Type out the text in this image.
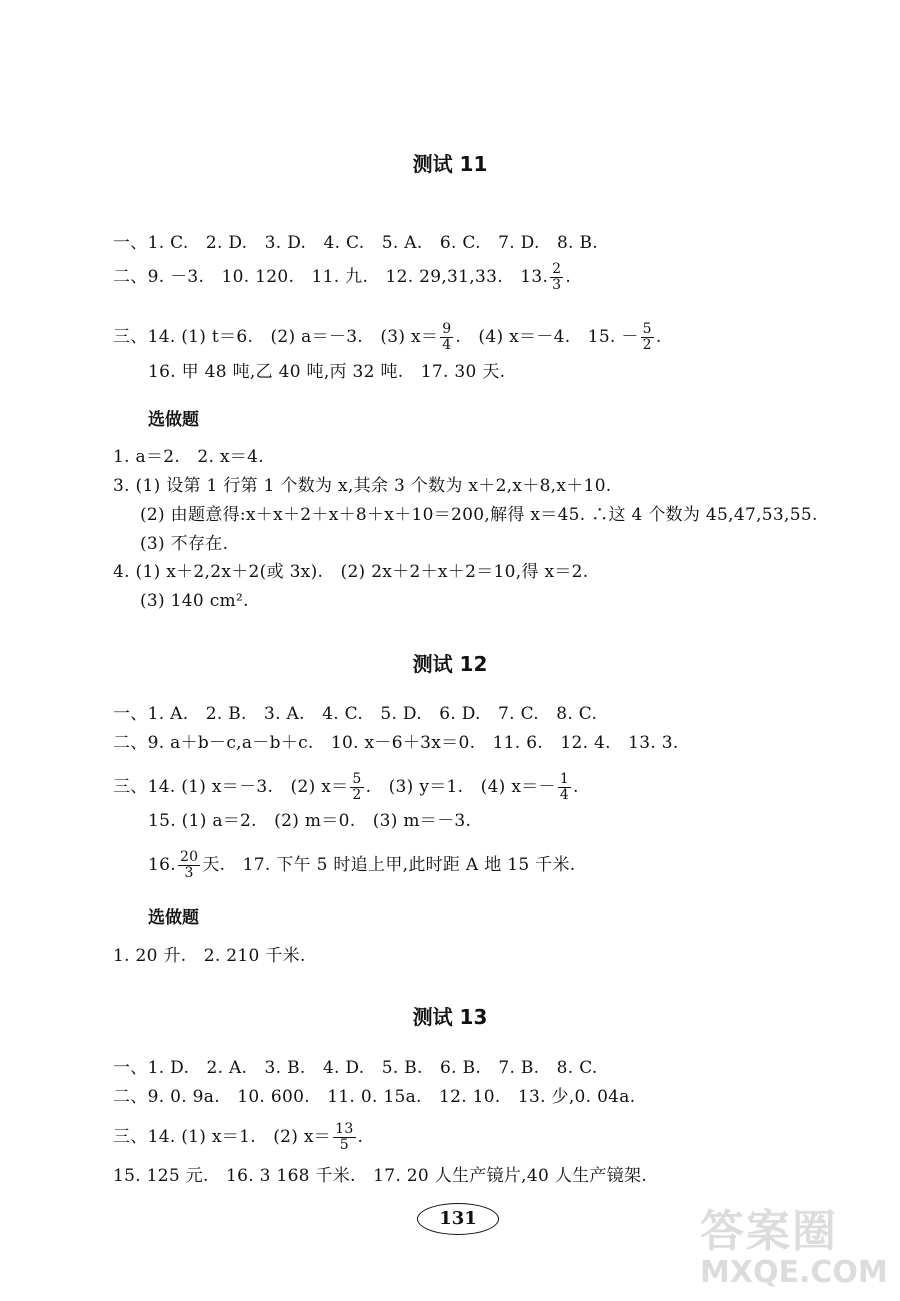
测试 11
一、1. C.　2. D.　3. D.　4. C.　5. A.　6. C.　7. D.　8. B.
二、9. －3.　10. 120.　11. 九.　12. 29,31,33.　13. $\frac{2}{3}$ .
三、14. (1) t＝6.　(2) a＝－3.　(3) $x= \frac{9}{4}$ .　(4) x＝－4.　15. － $\frac{5}{2}$ .
16. 甲 48 吨,乙 40 吨,丙 32 吨.　17. 30 天.
选做题
1. a＝2.　2. x＝4.
3. (1) 设第 1 行第 1 个数为 x,其余 3 个数为 x＋2,x＋8,x＋10.
(2) 由题意得:x＋x＋2＋x＋8＋x＋10＝200,解得 x＝45. ∴这 4 个数为 45,47,53,55.
(3) 不存在.
4. (1) x＋2,2x＋2(或 3x).　(2) 2x＋2＋x＋2＝10,得 x＝2.
(3) 140 cm².
测试 12
一、1. A.　2. B.　3. A.　4. C.　5. D.　6. D.　7. C.　8. C.
二、9. a＋b－c,a－b＋c.　10. x－6＋3x＝0.　11. 6.　12. 4.　13. 3.
三、14. (1) x＝－3.　(2) $x= \frac{5}{2}$ .　(3) y＝1.　(4) $x=- \frac{1}{4}$ .
15. (1) a＝2.　(2) m＝0.　(3) m＝－3.
16. $\frac{20}{3}$ 天.　17. 下午 5 时追上甲,此时距 A 地 15 千米.
选做题
1. 20 升.　2. 210 千米.
测试 13
一、1. D.　2. A.　3. B.　4. D.　5. B.　6. B.　7. B.　8. C.
二、9. 0. 9a.　10. 600.　11. 0. 15a.　12. 10.　13. 少,0. 04a.
三、14. (1) x＝1.　(2) $x= \frac{13}{5}$ .
15. 125 元.　16. 3 168 千米.　17. 20 人生产镜片,40 人生产镜架.
131	答案圈
MXQE.COM
